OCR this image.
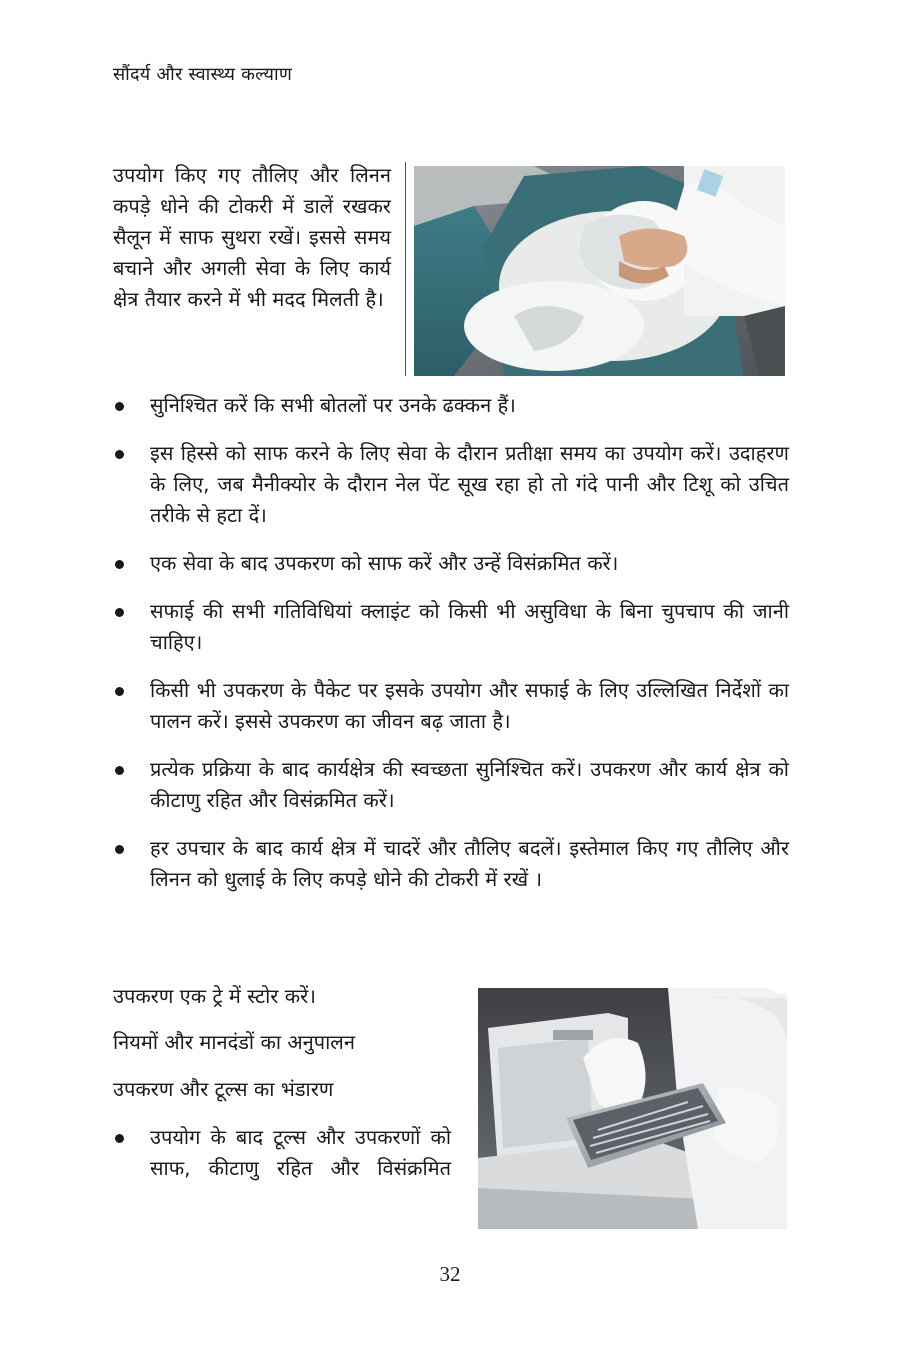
सौंदर्य और स्वास्थ्य कल्याण
उपयोग किए गए तौलिए और लिनन कपड़े धोने की टोकरी में डालें रखकर सैलून में साफ सुथरा रखें। इससे समय बचाने और अगली सेवा के लिए कार्य क्षेत्र तैयार करने में भी मदद मिलती है।
सुनिश्चित करें कि सभी बोतलों पर उनके ढक्कन हैं।
इस हिस्से को साफ करने के लिए सेवा के दौरान प्रतीक्षा समय का उपयोग करें। उदाहरण के लिए, जब मैनीक्योर के दौरान नेल पेंट सूख रहा हो तो गंदे पानी और टिशू को उचित तरीके से हटा दें।
एक सेवा के बाद उपकरण को साफ करें और उन्हें विसंक्रमित करें।
सफाई की सभी गतिविधियां क्लाइंट को किसी भी असुविधा के बिना चुपचाप की जानी चाहिए।
किसी भी उपकरण के पैकेट पर इसके उपयोग और सफाई के लिए उल्लिखित निर्देशों का पालन करें। इससे उपकरण का जीवन बढ़ जाता है।
प्रत्येक प्रक्रिया के बाद कार्यक्षेत्र की स्वच्छता सुनिश्चित करें। उपकरण और कार्य क्षेत्र को कीटाणु रहित और विसंक्रमित करें।
हर उपचार के बाद कार्य क्षेत्र में चादरें और तौलिए बदलें। इस्तेमाल किए गए तौलिए और लिनन को धुलाई के लिए कपड़े धोने की टोकरी में रखें ।
उपकरण एक ट्रे में स्टोर करें।
नियमों और मानदंडों का अनुपालन
उपकरण और टूल्स का भंडारण
उपयोग के बाद टूल्स और उपकरणों को साफ, कीटाणु रहित और विसंक्रमित
32
